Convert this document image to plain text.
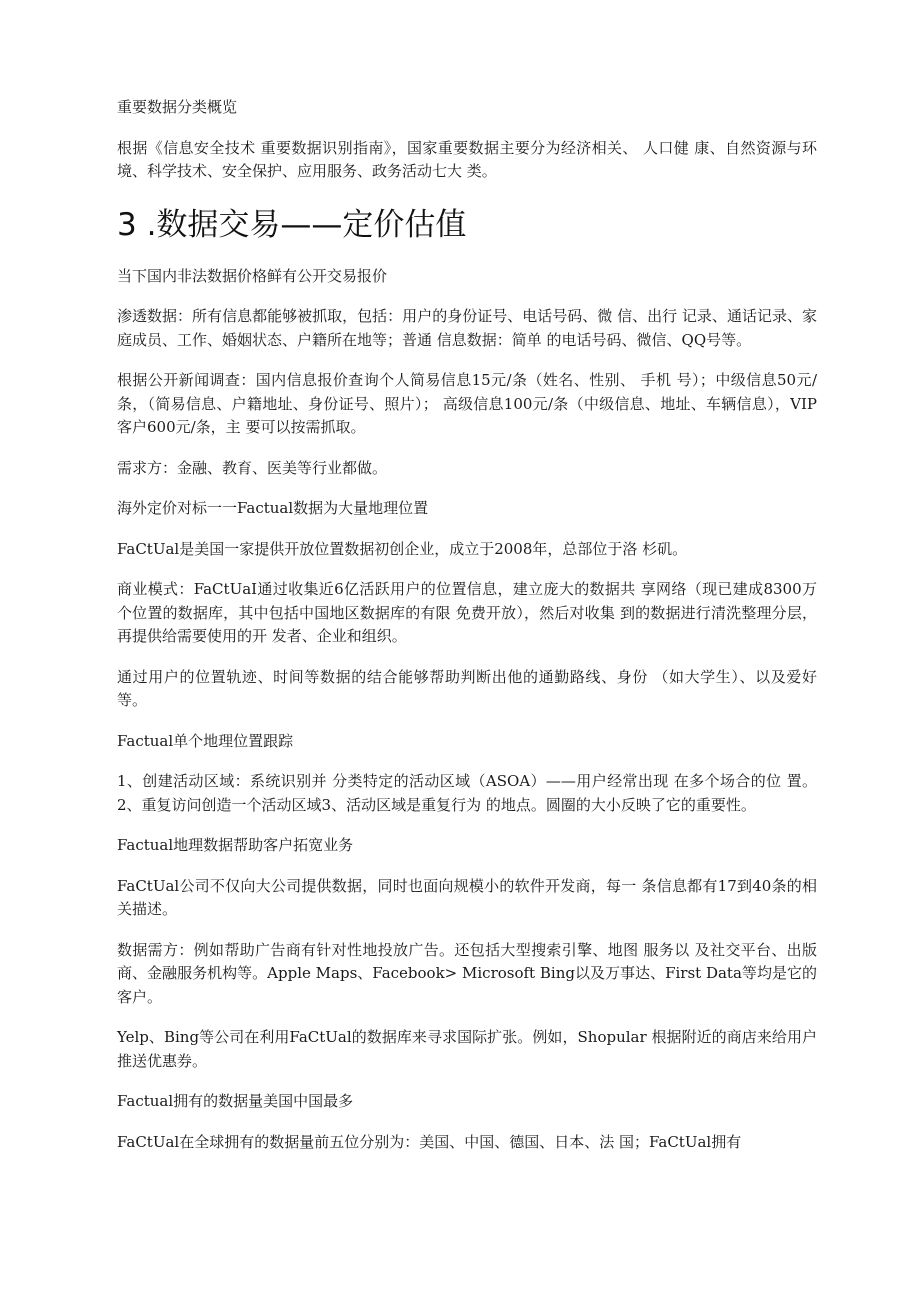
重要数据分类概览

根据《信息安全技术 重要数据识别指南》，国家重要数据主要分为经济相关、 人口健 康、自然资源与环境、科学技术、安全保护、应用服务、政务活动七大 类。

3 .数据交易——定价估值

当下国内非法数据价格鲜有公开交易报价

渗透数据：所有信息都能够被抓取，包括：用户的身份证号、电话号码、微 信、出行 记录、通话记录、家庭成员、工作、婚姻状态、户籍所在地等；普通 信息数据：简单 的电话号码、微信、QQ号等。

根据公开新闻调查：国内信息报价查询个人简易信息15元/条（姓名、性别、 手机 号）；中级信息50元/条，（简易信息、户籍地址、身份证号、照片）； 高级信息100元/条（中级信息、地址、车辆信息），VIP客户600元/条，主 要可以按需抓取。

需求方：金融、教育、医美等行业都做。

海外定价对标一一Factual数据为大量地理位置

FaCtUal是美国一家提供开放位置数据初创企业，成立于2008年，总部位于洛 杉矶。

商业模式：FaCtUaI通过收集近6亿活跃用户的位置信息，建立庞大的数据共 享网络（现已建成8300万个位置的数据库，其中包括中国地区数据库的有限 免费开放），然后对收集 到的数据进行清洗整理分层，再提供给需要使用的开 发者、企业和组织。

通过用户的位置轨迹、时间等数据的结合能够帮助判断出他的通勤路线、身份 （如大学生）、以及爱好等。

Factual单个地理位置跟踪

1、创建活动区域：系统识别并 分类特定的活动区域（ASOA）——用户经常出现 在多个场合的位 置。2、重复访问创造一个活动区域3、活动区域是重复行为 的地点。圆圈的大小反映了它的重要性。

Factual地理数据帮助客户拓宽业务

FaCtUal公司不仅向大公司提供数据，同时也面向规模小的软件开发商，每一 条信息都有17到40条的相关描述。

数据需方：例如帮助广告商有针对性地投放广告。还包括大型搜索引擎、地图 服务以 及社交平台、出版商、金融服务机构等。Apple Maps、Facebook> Microsoft Bing以及万事达、First Data等均是它的客户。

Yelp、Bing等公司在利用FaCtUal的数据库来寻求国际扩张。例如，Shopular 根据附近的商店来给用户推送优惠券。

Factual拥有的数据量美国中国最多

FaCtUal在全球拥有的数据量前五位分别为：美国、中国、德国、日本、法 国；FaCtUal拥有
